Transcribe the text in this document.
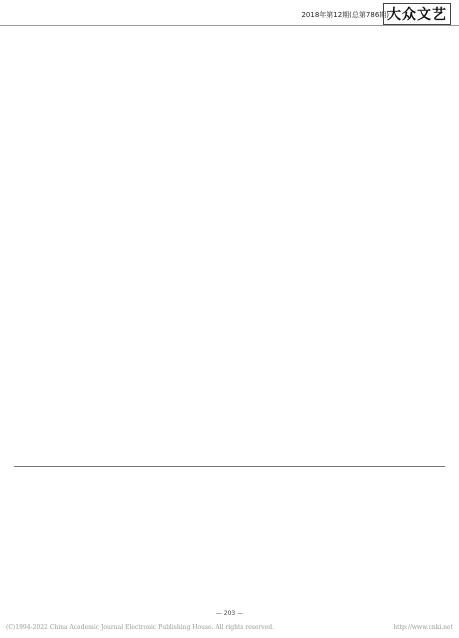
2018年第12期(总第786期)
大众文艺

— 203 —
(C)1994-2022 China Academic Journal Electronic Publishing House. All rights reserved.	http://www.cnki.net
